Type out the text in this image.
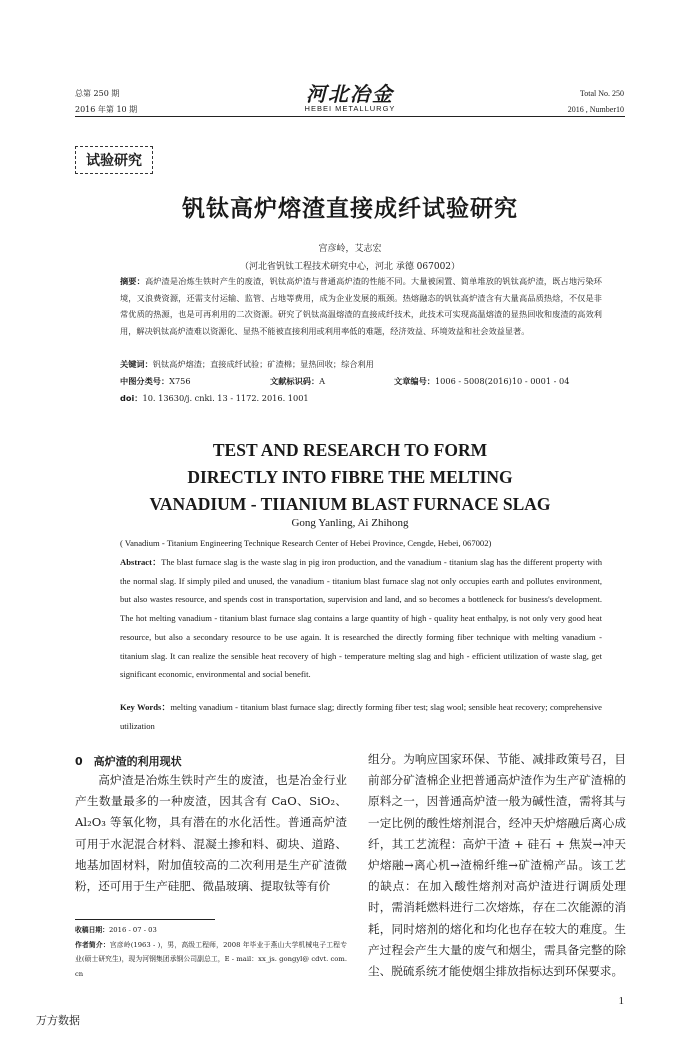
总第 250 期
2016 年第 10 期
河北冶金
HEBEI METALLURGY
Total No. 250
2016 , Number10
试验研究
钒钛高炉熔渣直接成纤试验研究
宫彦岭，艾志宏
（河北省钒钛工程技术研究中心，河北 承德 067002）
摘要：高炉渣是冶炼生铁时产生的废渣，钒钛高炉渣与普通高炉渣的性能不同。大量被闲置、简单堆放的钒钛高炉渣，既占地污染环境，又浪费资源，还需支付运输、监管、占地等费用，成为企业发展的瓶颈。热熔融态的钒钛高炉渣含有大量高品质热焓，不仅是非常优质的热源，也是可再利用的二次资源。研究了钒钛高温熔渣的直接成纤技术，此技术可实现高温熔渣的显热回收和废渣的高效利用，解决钒钛高炉渣难以资源化、显热不能被直接利用或利用率低的难题，经济效益、环境效益和社会效益显著。
关键词：钒钛高炉熔渣；直接成纤试验；矿渣棉；显热回收；综合利用
中图分类号：X756	文献标识码：A	文章编号：1006 - 5008(2016)10 - 0001 - 04
doi：10. 13630/j. cnki. 13 - 1172. 2016. 1001
TEST AND RESEARCH TO FORM
DIRECTLY INTO FIBRE THE MELTING
VANADIUM - TIIANIUM BLAST FURNACE SLAG
Gong Yanling, Ai Zhihong
( Vanadium - Titanium Engineering Technique Research Center of Hebei Province, Cengde, Hebei, 067002)
Abstract：The blast furnace slag is the waste slag in pig iron production, and the vanadium - titanium slag has the different property with the normal slag. If simply piled and unused, the vanadium - titanium blast furnace slag not only occupies earth and pollutes environment, but also wastes resource, and spends cost in transportation, supervision and land, and so becomes a bottleneck for business's development. The hot melting vanadium - titanium blast furnace slag contains a large quantity of high - quality heat enthalpy, is not only very good heat resource, but also a secondary resource to be use again. It is researched the directly forming fiber technique with melting vanadium - titanium slag. It can realize the sensible heat recovery of high - temperature melting slag and high - efficient utilization of waste slag, get significant economic, environmental and social benefit.
Key Words：melting vanadium - titanium blast furnace slag; directly forming fiber test; slag wool; sensible heat recovery; comprehensive utilization
0　高炉渣的利用现状
高炉渣是冶炼生铁时产生的废渣，也是冶金行业产生数量最多的一种废渣，因其含有 CaO、SiO₂、Al₂O₃ 等氧化物，具有潜在的水化活性。普通高炉渣可用于水泥混合材料、混凝土掺和料、砌块、道路、地基加固材料，附加值较高的二次利用是生产矿渣微粉，还可用于生产硅肥、微晶玻璃、提取钛等有价
收稿日期：2016 - 07 - 03
作者简介：宫彦岭(1963 - )，男，高级工程师，2008 年毕业于燕山大学机械电子工程专业(硕士研究生)，现为河钢集团承钢公司副总工，E - mail：xx_js. gongyl@ cdvt. com. cn
组分。为响应国家环保、节能、减排政策号召，目前部分矿渣棉企业把普通高炉渣作为生产矿渣棉的原料之一，因普通高炉渣一般为碱性渣，需将其与一定比例的酸性熔剂混合，经冲天炉熔融后离心成纤，其工艺流程：高炉干渣 + 硅石 + 焦炭→冲天炉熔融→离心机→渣棉纤维→矿渣棉产品。该工艺的缺点：在加入酸性熔剂对高炉渣进行调质处理时，需消耗燃料进行二次熔炼，存在二次能源的消耗，同时熔剂的熔化和均化也存在较大的难度。生产过程会产生大量的废气和烟尘，需具备完整的除尘、脱硫系统才能使烟尘排放指标达到环保要求。
1
万方数据
